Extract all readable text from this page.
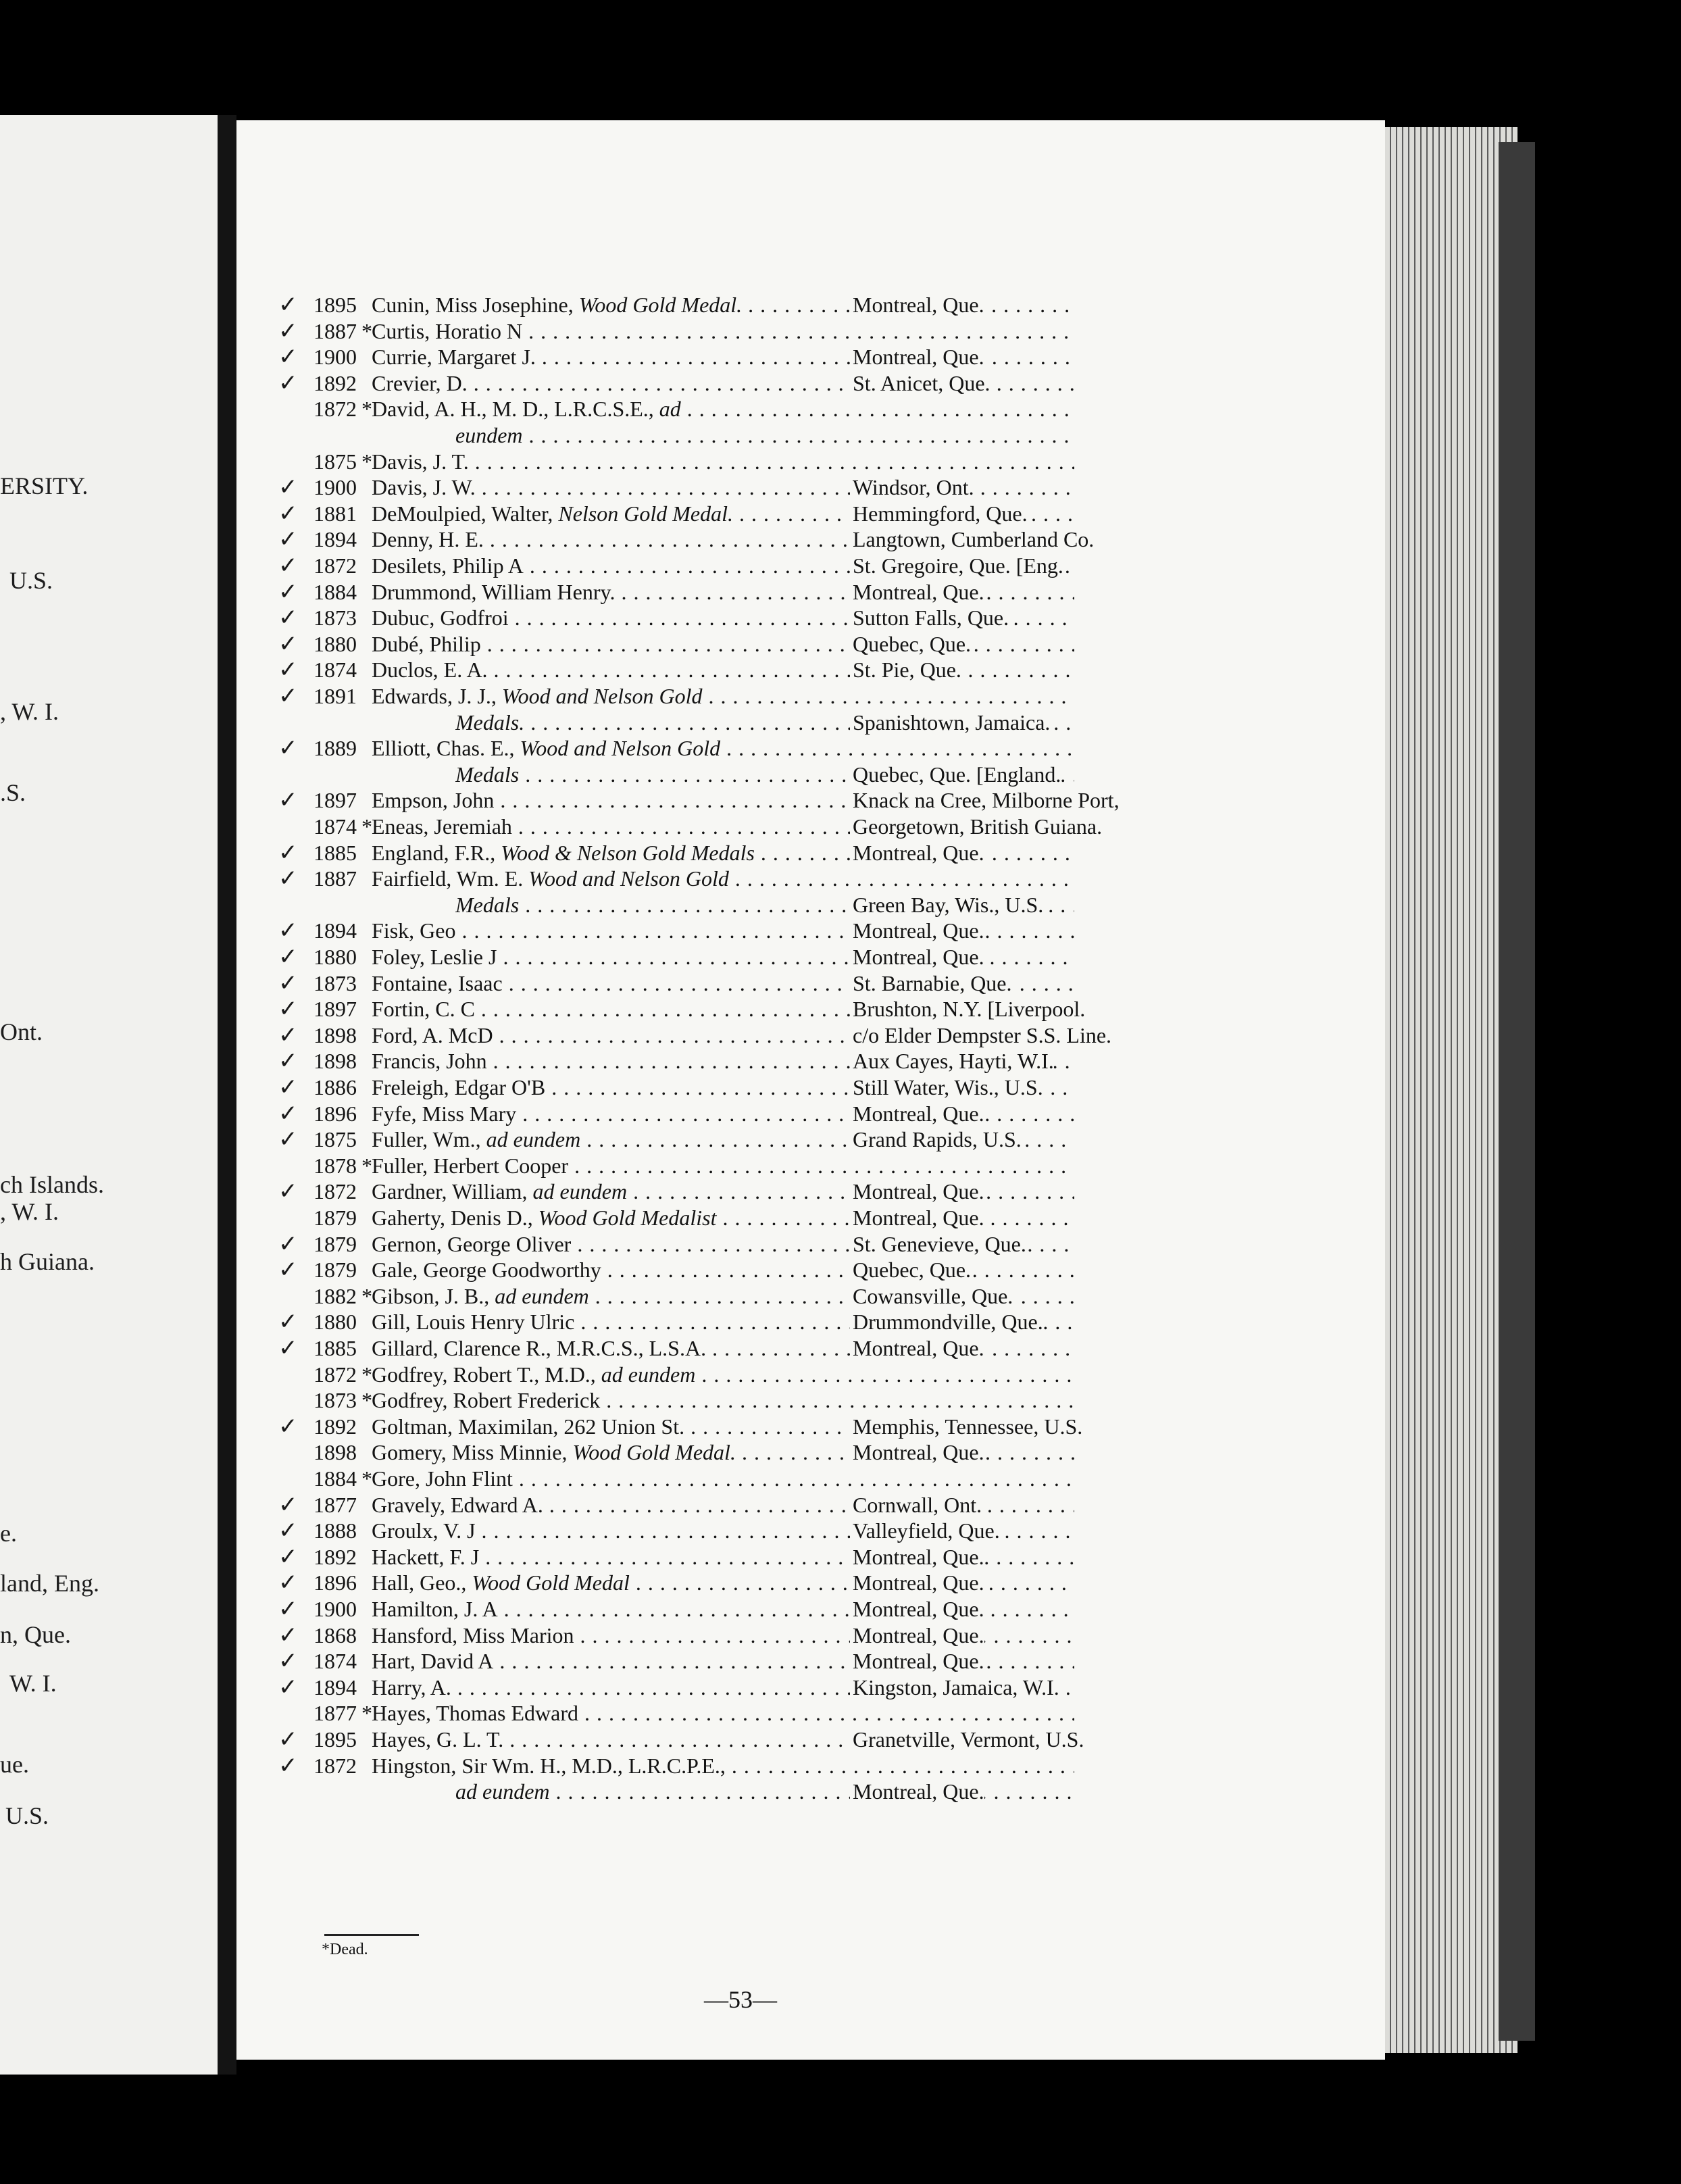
ERSITY.
U.S.
, W. I.
.S.
Ont.
ch Islands.
, W. I.
h Guiana.
e.
land, Eng.
n, Que.
W. I.
ue.
U.S.
✓ 1895 Cunin, Miss Josephine, Wood Gold Medal. . . .	Montreal, Que.
✓ 1887 * Curtis, Horatio N . . .
✓ 1900 Currie, Margaret J. . . .	Montreal, Que.
✓ 1892 Crevier, D. . . .	St. Anicet, Que.
1872 * David, A. H., M. D., L.R.C.S.E., ad . . .
eundem . . .
1875 * Davis, J. T. . . .
✓ 1900 Davis, J. W. . . .	Windsor, Ont.
✓ 1881 DeMoulpied, Walter, Nelson Gold Medal. . . .	Hemmingford, Que.
✓ 1894 Denny, H. E. . . .	Langtown, Cumberland Co.
✓ 1872 Desilets, Philip A . . .	St. Gregoire, Que. [Eng.
✓ 1884 Drummond, William Henry. . . .	Montreal, Que.
✓ 1873 Dubuc, Godfroi . . .	Sutton Falls, Que.
✓ 1880 Dubé, Philip . . .	Quebec, Que.
✓ 1874 Duclos, E. A. . . .	St. Pie, Que.
✓ 1891 Edwards, J. J., Wood and Nelson Gold . . .
Medals. . . .	Spanishtown, Jamaica.
✓ 1889 Elliott, Chas. E., Wood and Nelson Gold . . .
Medals . . .	Quebec, Que. [England.
✓ 1897 Empson, John . . .	Knack na Cree, Milborne Port,
1874 * Eneas, Jeremiah . . .	Georgetown, British Guiana.
✓ 1885 England, F.R., Wood & Nelson Gold Medals . . .	Montreal, Que.
✓ 1887 Fairfield, Wm. E. Wood and Nelson Gold . . .
Medals . . .	Green Bay, Wis., U.S.
✓ 1894 Fisk, Geo . . .	Montreal, Que.
✓ 1880 Foley, Leslie J . . .	Montreal, Que.
✓ 1873 Fontaine, Isaac . . .	St. Barnabie, Que.
✓ 1897 Fortin, C. C . . .	Brushton, N.Y. [Liverpool.
✓ 1898 Ford, A. McD . . .	c/o Elder Dempster S.S. Line.
✓ 1898 Francis, John . . .	Aux Cayes, Hayti, W.I.
✓ 1886 Freleigh, Edgar O'B . . .	Still Water, Wis., U.S.
✓ 1896 Fyfe, Miss Mary . . .	Montreal, Que.
✓ 1875 Fuller, Wm., ad eundem . . .	Grand Rapids, U.S.
1878 * Fuller, Herbert Cooper . . .
✓ 1872 Gardner, William, ad eundem . . .	Montreal, Que.
1879 Gaherty, Denis D., Wood Gold Medalist . . .	Montreal, Que.
✓ 1879 Gernon, George Oliver . . .	St. Genevieve, Que.
✓ 1879 Gale, George Goodworthy . . .	Quebec, Que.
1882 * Gibson, J. B., ad eundem . . .	Cowansville, Que.
✓ 1880 Gill, Louis Henry Ulric . . .	Drummondville, Que.
✓ 1885 Gillard, Clarence R., M.R.C.S., L.S.A. . . .	Montreal, Que.
1872 * Godfrey, Robert T., M.D., ad eundem . . .
1873 * Godfrey, Robert Frederick . . .
✓ 1892 Goltman, Maximilan, 262 Union St. . . .	Memphis, Tennessee, U.S.
1898 Gomery, Miss Minnie, Wood Gold Medal. . . .	Montreal, Que.
1884 * Gore, John Flint . . .
✓ 1877 Gravely, Edward A. . . .	Cornwall, Ont.
✓ 1888 Groulx, V. J . . .	Valleyfield, Que.
✓ 1892 Hackett, F. J . . .	Montreal, Que.
✓ 1896 Hall, Geo., Wood Gold Medal . . .	Montreal, Que.
✓ 1900 Hamilton, J. A . . .	Montreal, Que.
✓ 1868 Hansford, Miss Marion . . .	Montreal, Que.
✓ 1874 Hart, David A . . .	Montreal, Que.
✓ 1894 Harry, A. . . .	Kingston, Jamaica, W.I.
1877 * Hayes, Thomas Edward . . .
✓ 1895 Hayes, G. L. T. . . .	Granetville, Vermont, U.S.
✓ 1872 Hingston, Sir Wm. H., M.D., L.R.C.P.E., . . .
ad eundem . . .	Montreal, Que.
*Dead.
—53—
